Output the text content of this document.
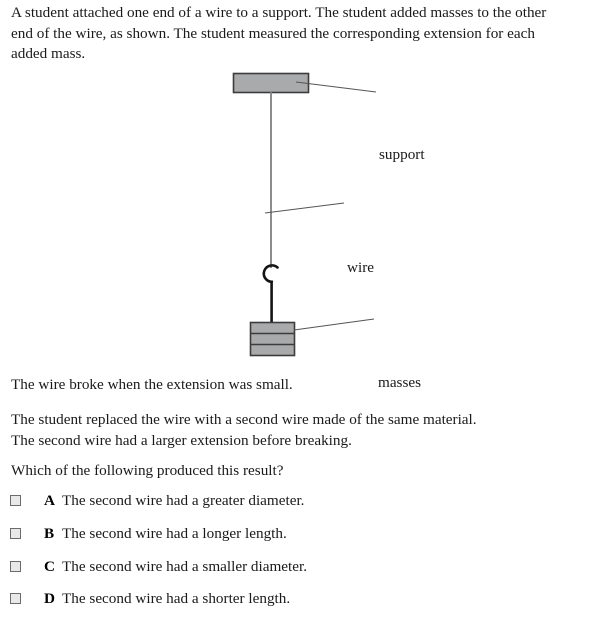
A student attached one end of a wire to a support. The student added masses to the other
end of the wire, as shown. The student measured the corresponding extension for each
added mass.
support
wire
masses
The wire broke when the extension was small.
The student replaced the wire with a second wire made of the same material.
The second wire had a larger extension before breaking.
Which of the following produced this result?
A The second wire had a greater diameter.
B The second wire had a longer length.
C The second wire had a smaller diameter.
D The second wire had a shorter length.
